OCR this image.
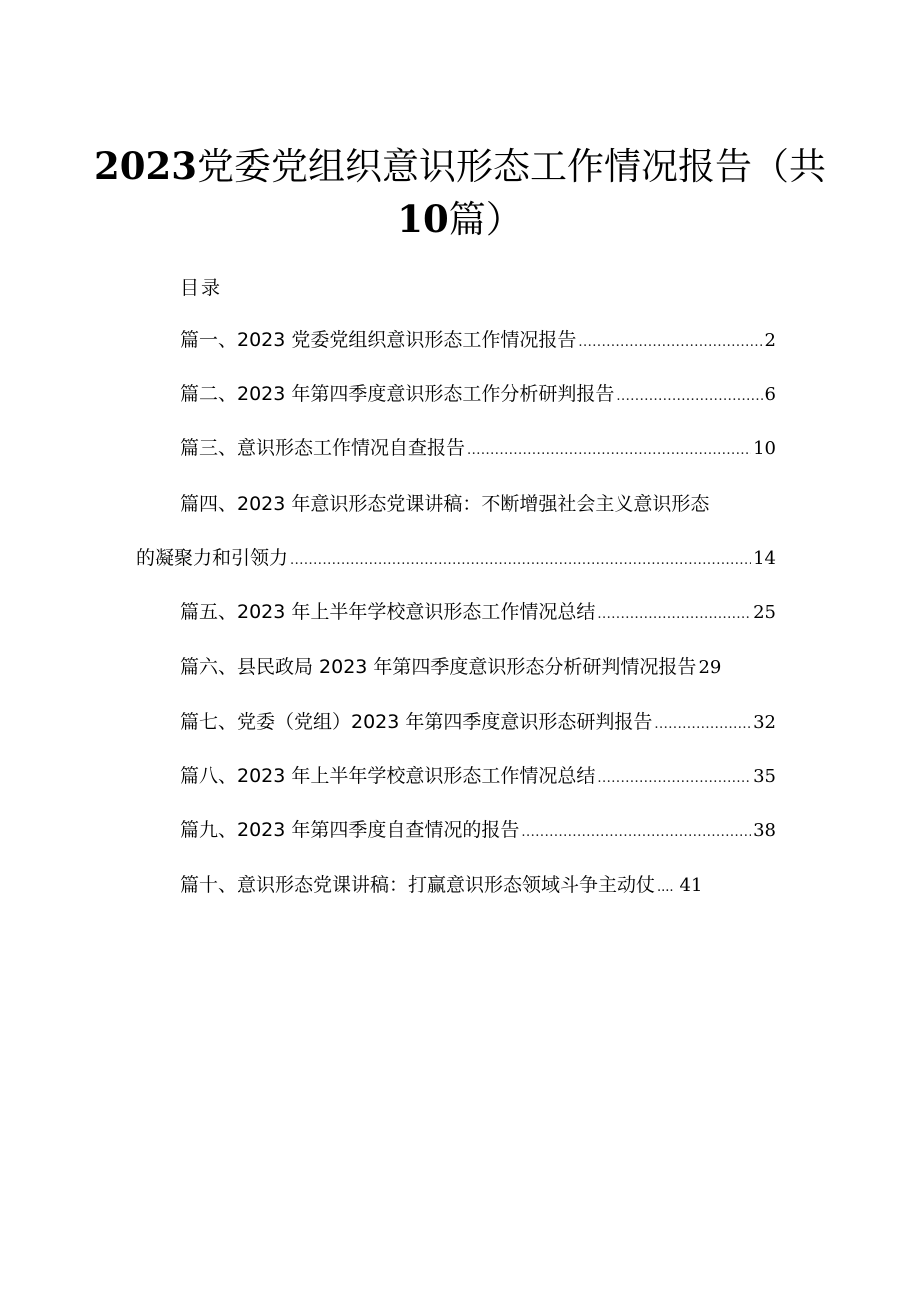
2023党委党组织意识形态工作情况报告（共
10篇）
目录
篇一、2023 党委党组织意识形态工作情况报告 .....	2
篇二、2023 年第四季度意识形态工作分析研判报告 .....	6
篇三、意识形态工作情况自查报告 .....	10
篇四、2023 年意识形态党课讲稿：不断增强社会主义意识形态
的凝聚力和引领力 .....	14
篇五、2023 年上半年学校意识形态工作情况总结 .....	25
篇六、县民政局 2023 年第四季度意识形态分析研判情况报告 29
篇七、党委（党组）2023 年第四季度意识形态研判报告 .....	32
篇八、2023 年上半年学校意识形态工作情况总结 .....	35
篇九、2023 年第四季度自查情况的报告 .....	38
篇十、意识形态党课讲稿：打赢意识形态领域斗争主动仗 .... 41
